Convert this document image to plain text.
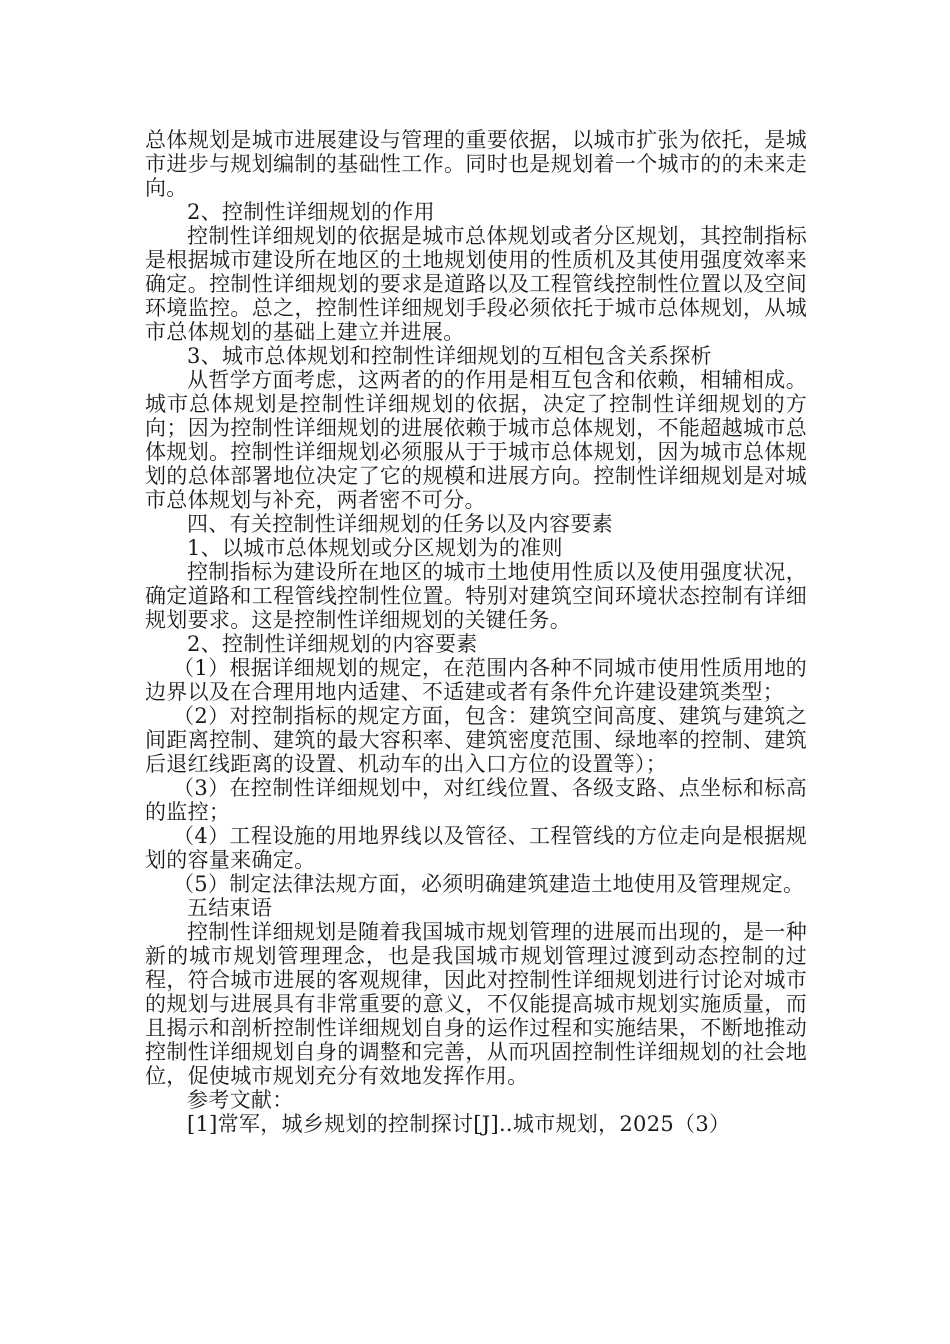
总体规划是城市进展建设与管理的重要依据，以城市扩张为依托，是城市进步与规划编制的基础性工作。同时也是规划着一个城市的的未来走向。

2、控制性详细规划的作用

控制性详细规划的依据是城市总体规划或者分区规划，其控制指标是根据城市建设所在地区的土地规划使用的性质机及其使用强度效率来确定。控制性详细规划的要求是道路以及工程管线控制性位置以及空间环境监控。总之，控制性详细规划手段必须依托于城市总体规划，从城市总体规划的基础上建立并进展。

3、城市总体规划和控制性详细规划的互相包含关系探析

从哲学方面考虑，这两者的的作用是相互包含和依赖，相辅相成。城市总体规划是控制性详细规划的依据，决定了控制性详细规划的方向；因为控制性详细规划的进展依赖于城市总体规划，不能超越城市总体规划。控制性详细规划必须服从于于城市总体规划，因为城市总体规划的总体部署地位决定了它的规模和进展方向。控制性详细规划是对城市总体规划与补充，两者密不可分。

四、有关控制性详细规划的任务以及内容要素

1、以城市总体规划或分区规划为的准则

控制指标为建设所在地区的城市土地使用性质以及使用强度状况，确定道路和工程管线控制性位置。特别对建筑空间环境状态控制有详细规划要求。这是控制性详细规划的关键任务。

2、控制性详细规划的内容要素

（1）根据详细规划的规定，在范围内各种不同城市使用性质用地的边界以及在合理用地内适建、不适建或者有条件允许建设建筑类型；

（2）对控制指标的规定方面，包含：建筑空间高度、建筑与建筑之间距离控制、建筑的最大容积率、建筑密度范围、绿地率的控制、建筑后退红线距离的设置、机动车的出入口方位的设置等）；

（3）在控制性详细规划中，对红线位置、各级支路、点坐标和标高的监控；

（4）工程设施的用地界线以及管径、工程管线的方位走向是根据规划的容量来确定。

（5）制定法律法规方面，必须明确建筑建造土地使用及管理规定。

五结束语

控制性详细规划是随着我国城市规划管理的进展而出现的，是一种新的城市规划管理理念，也是我国城市规划管理过渡到动态控制的过程，符合城市进展的客观规律，因此对控制性详细规划进行讨论对城市的规划与进展具有非常重要的意义，不仅能提高城市规划实施质量，而且揭示和剖析控制性详细规划自身的运作过程和实施结果，不断地推动控制性详细规划自身的调整和完善，从而巩固控制性详细规划的社会地位，促使城市规划充分有效地发挥作用。

参考文献：

[1]常军，城乡规划的控制探讨[J]..城市规划，2025（3）
